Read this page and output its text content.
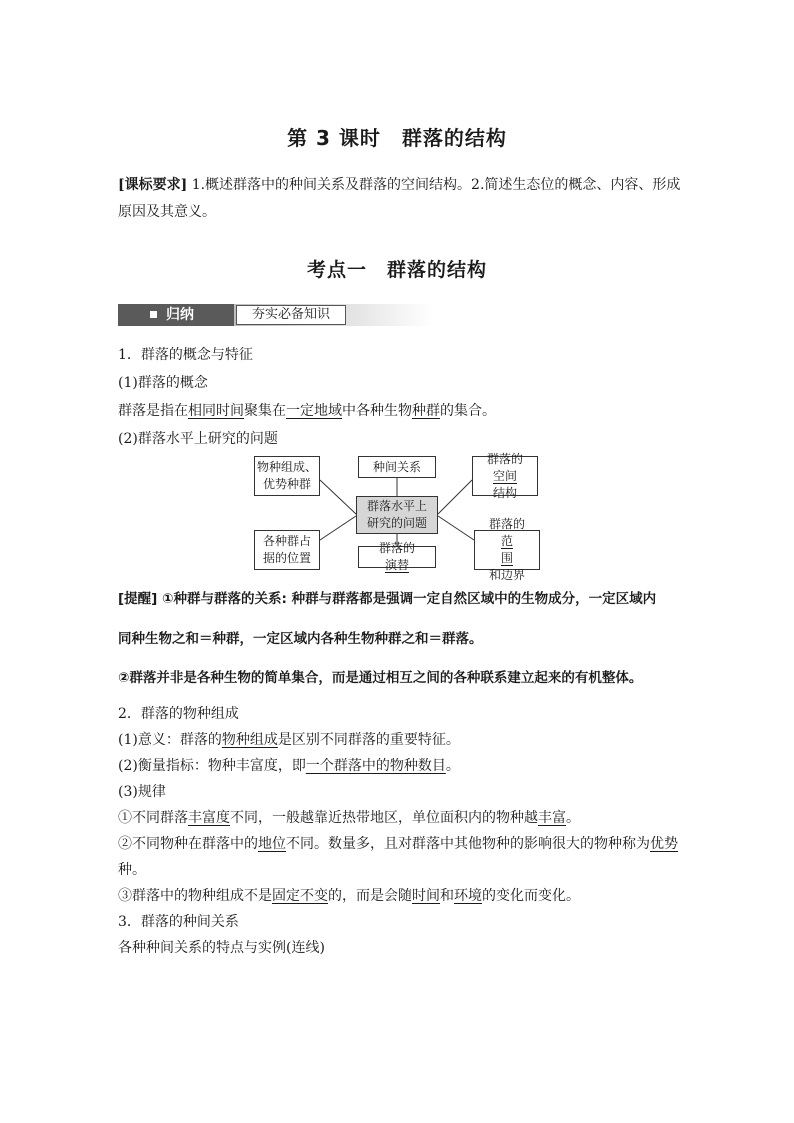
第 3 课时　群落的结构
[课标要求] 1.概述群落中的种间关系及群落的空间结构。2.简述生态位的概念、内容、形成
原因及其意义。
考点一　群落的结构
归纳	夯实必备知识
1．群落的概念与特征
(1)群落的概念
群落是指在相同时间聚集在一定地域中各种生物种群的集合。
(2)群落水平上研究的问题
物种组成、
优势种群
种间关系
群落的
空间
结构
群落水平上
研究的问题
各种群占
据的位置
群落的
演替
群落的
范
围
和边界
[提醒] ①种群与群落的关系: 种群与群落都是强调一定自然区域中的生物成分，一定区域内
同种生物之和＝种群，一定区域内各种生物种群之和＝群落。
②群落并非是各种生物的简单集合，而是通过相互之间的各种联系建立起来的有机整体。
2．群落的物种组成
(1)意义：群落的物种组成是区别不同群落的重要特征。
(2)衡量指标：物种丰富度，即一个群落中的物种数目。
(3)规律
①不同群落丰富度不同，一般越靠近热带地区，单位面积内的物种越丰富。
②不同物种在群落中的地位不同。数量多，且对群落中其他物种的影响很大的物种称为优势
种。
③群落中的物种组成不是固定不变的，而是会随时间和环境的变化而变化。
3．群落的种间关系
各种种间关系的特点与实例(连线)
